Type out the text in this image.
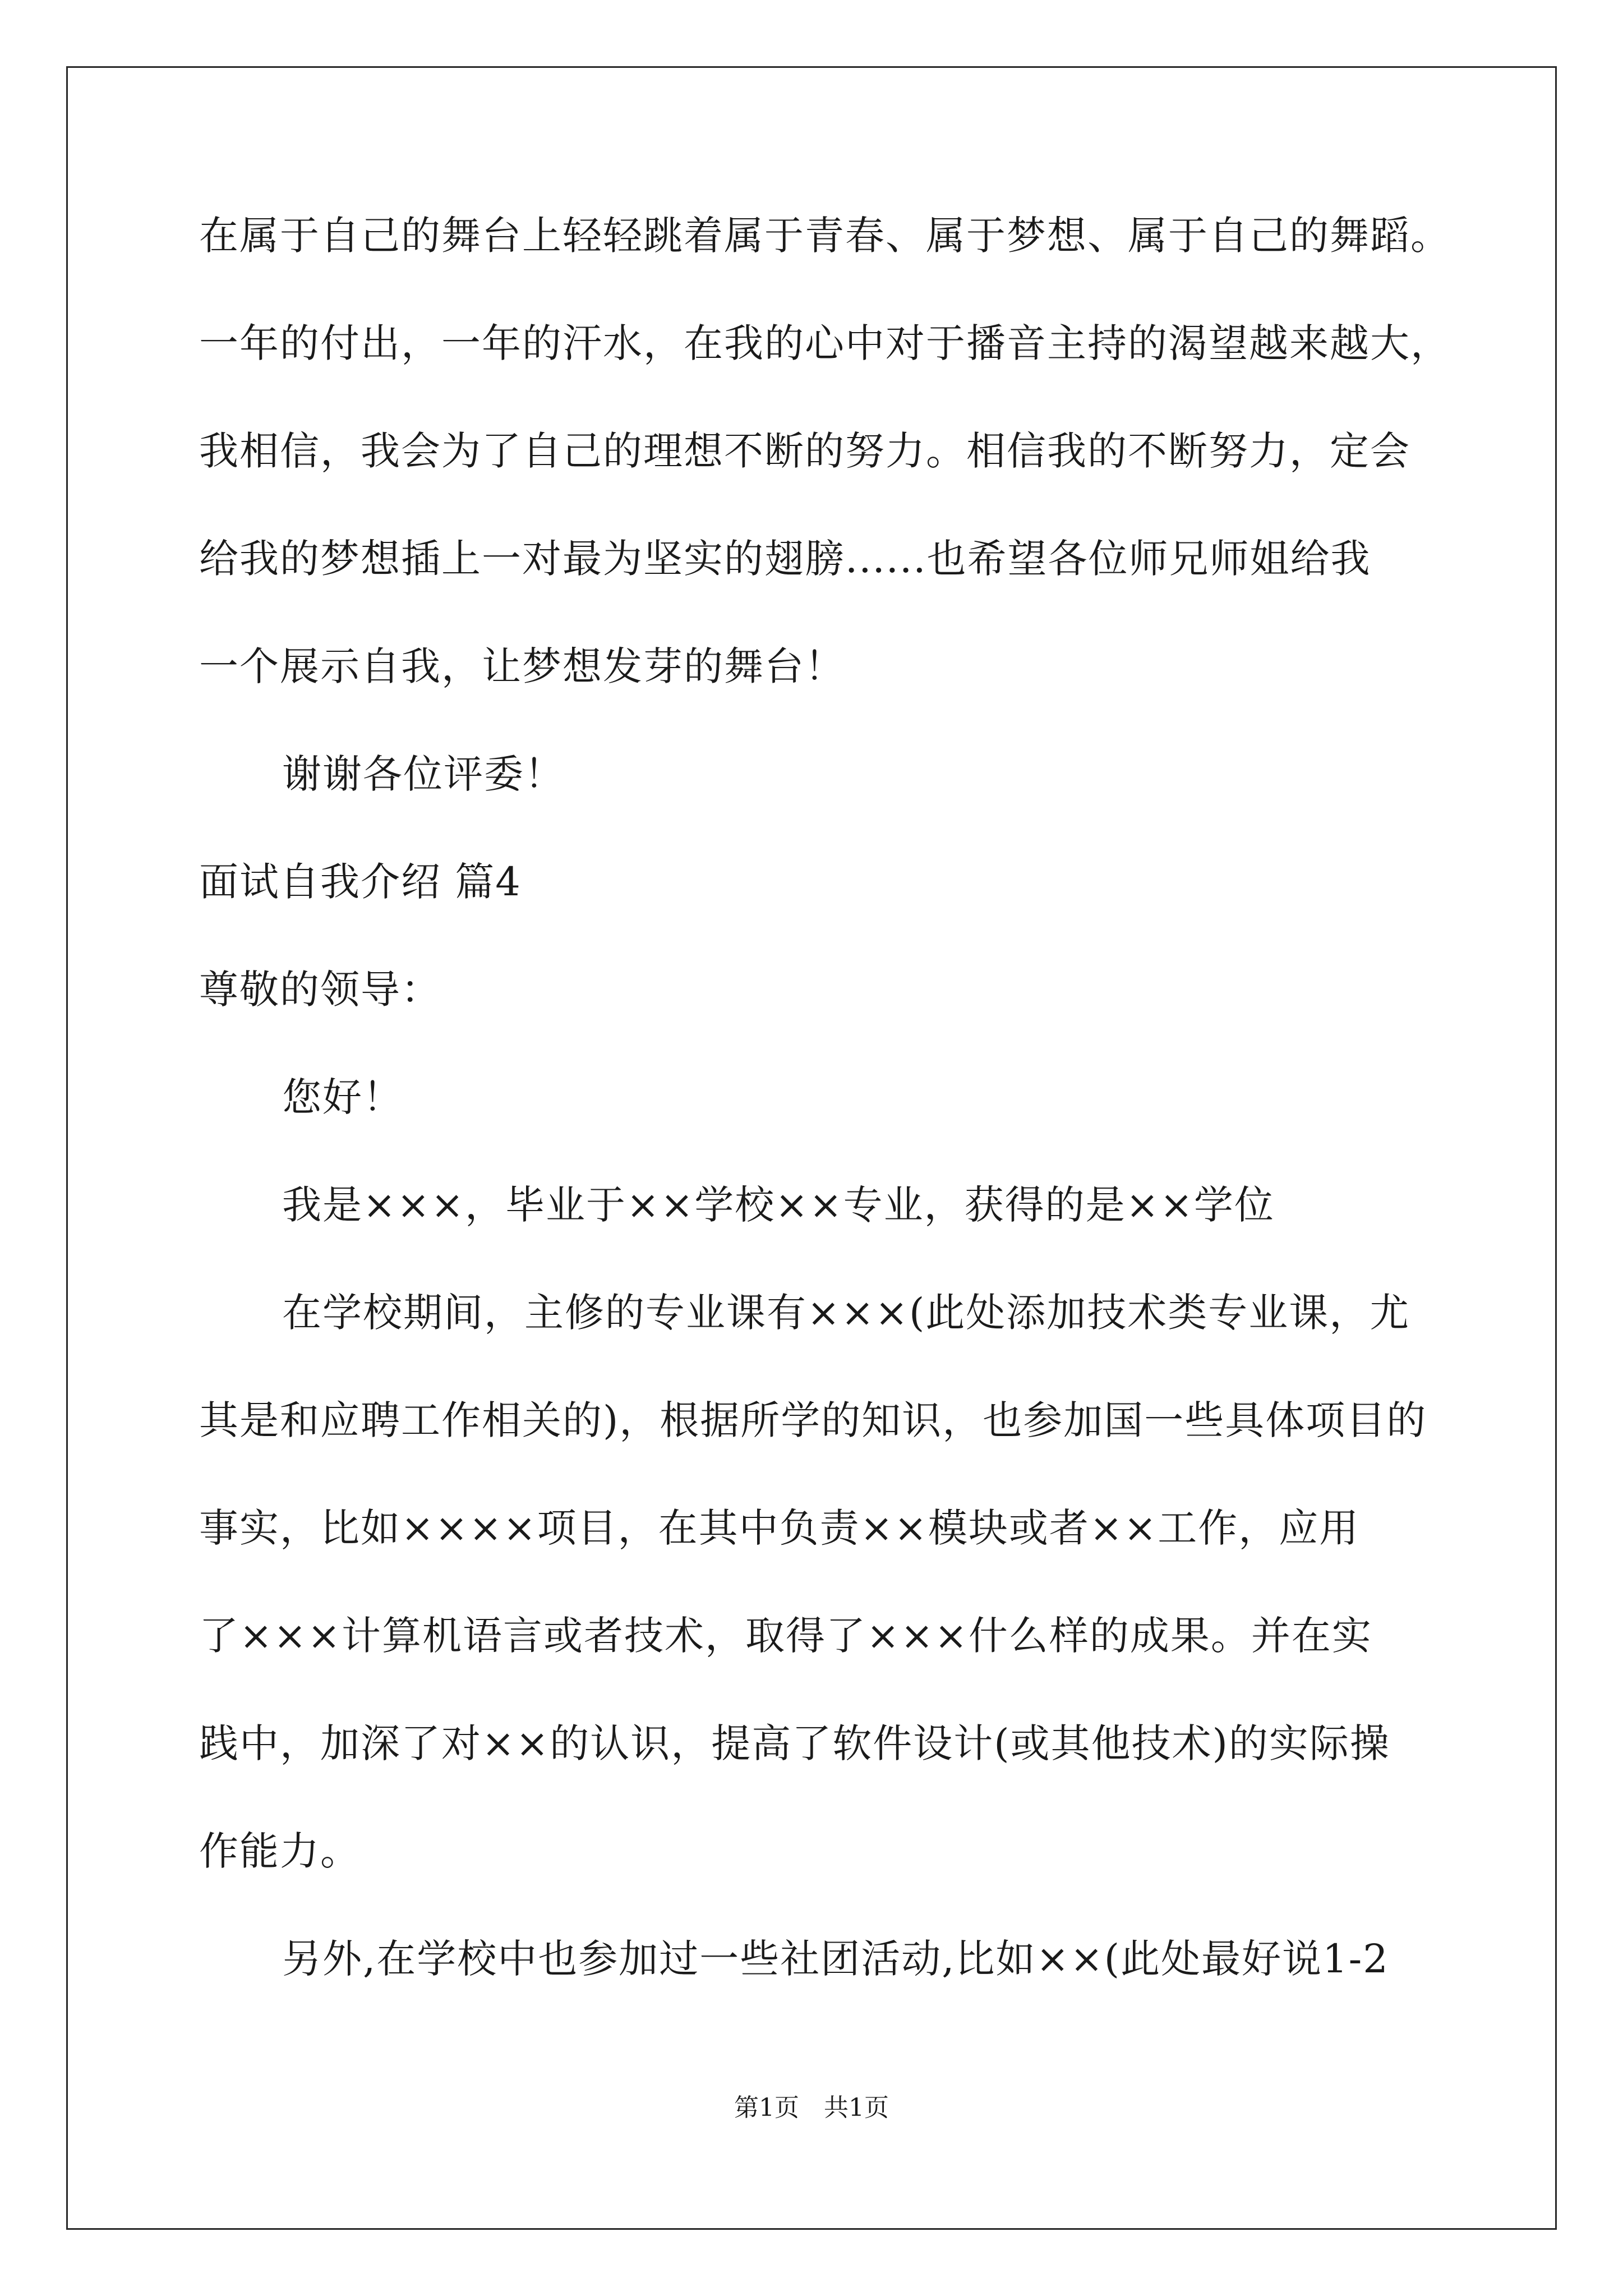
在属于自己的舞台上轻轻跳着属于青春、属于梦想、属于自己的舞蹈。
一年的付出，一年的汗水，在我的心中对于播音主持的渴望越来越大，
我相信，我会为了自己的理想不断的努力。相信我的不断努力，定会
给我的梦想插上一对最为坚实的翅膀......也希望各位师兄师姐给我
一个展示自我，让梦想发芽的舞台！
谢谢各位评委！
面试自我介绍 篇4
尊敬的领导：
您好！
我是×××，毕业于××学校××专业，获得的是××学位
在学校期间，主修的专业课有×××(此处添加技术类专业课，尤
其是和应聘工作相关的)，根据所学的知识，也参加国一些具体项目的
事实，比如××××项目，在其中负责××模块或者××工作，应用
了×××计算机语言或者技术，取得了×××什么样的成果。并在实
践中，加深了对××的认识，提高了软件设计(或其他技术)的实际操
作能力。
另外,在学校中也参加过一些社团活动,比如××(此处最好说1-2
第1页　共1页
